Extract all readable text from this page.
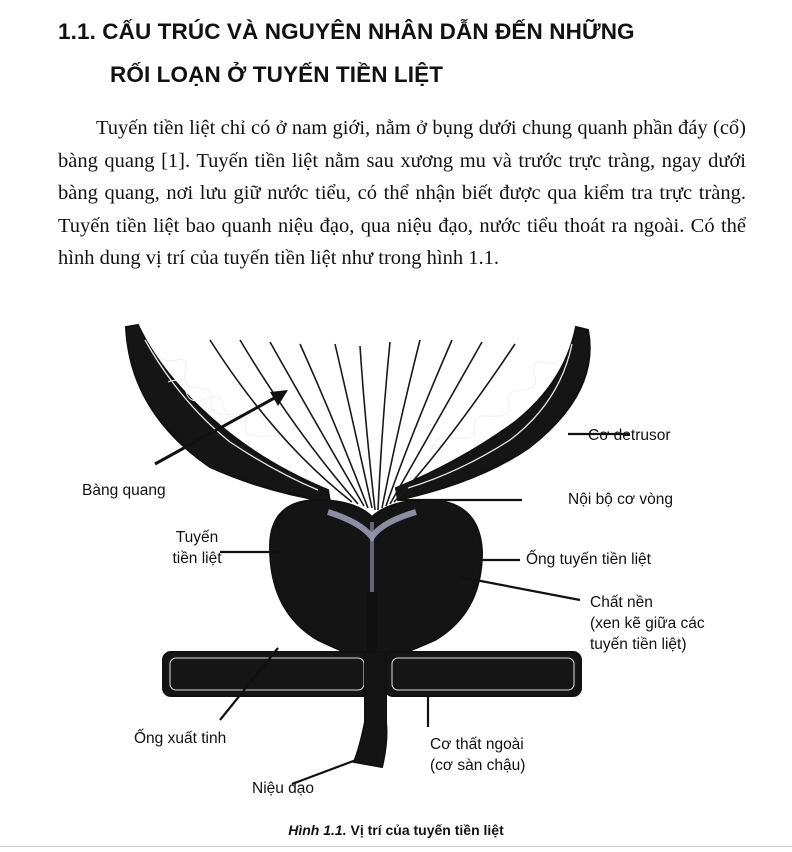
1.1. CẤU TRÚC VÀ NGUYÊN NHÂN DẪN ĐẾN NHỮNG
RỐI LOẠN Ở TUYẾN TIỀN LIỆT
Tuyến tiền liệt chỉ có ở nam giới, nằm ở bụng dưới chung quanh phần đáy (cổ) bàng quang [1]. Tuyến tiền liệt nằm sau xương mu và trước trực tràng, ngay dưới bàng quang, nơi lưu giữ nước tiểu, có thể nhận biết được qua kiểm tra trực tràng. Tuyến tiền liệt bao quanh niệu đạo, qua niệu đạo, nước tiểu thoát ra ngoài. Có thể hình dung vị trí của tuyến tiền liệt như trong hình 1.1.
Bàng quang
Cơ detrusor
Nội bộ cơ vòng
Tuyến
tiền liệt	Ống tuyến tiền liệt
Chất nền
(xen kẽ giữa các
tuyến tiền liệt)
Ống xuất tinh	Cơ thất ngoài
(cơ sàn chậu)
Niệu đạo
Hình 1.1. Vị trí của tuyến tiền liệt
